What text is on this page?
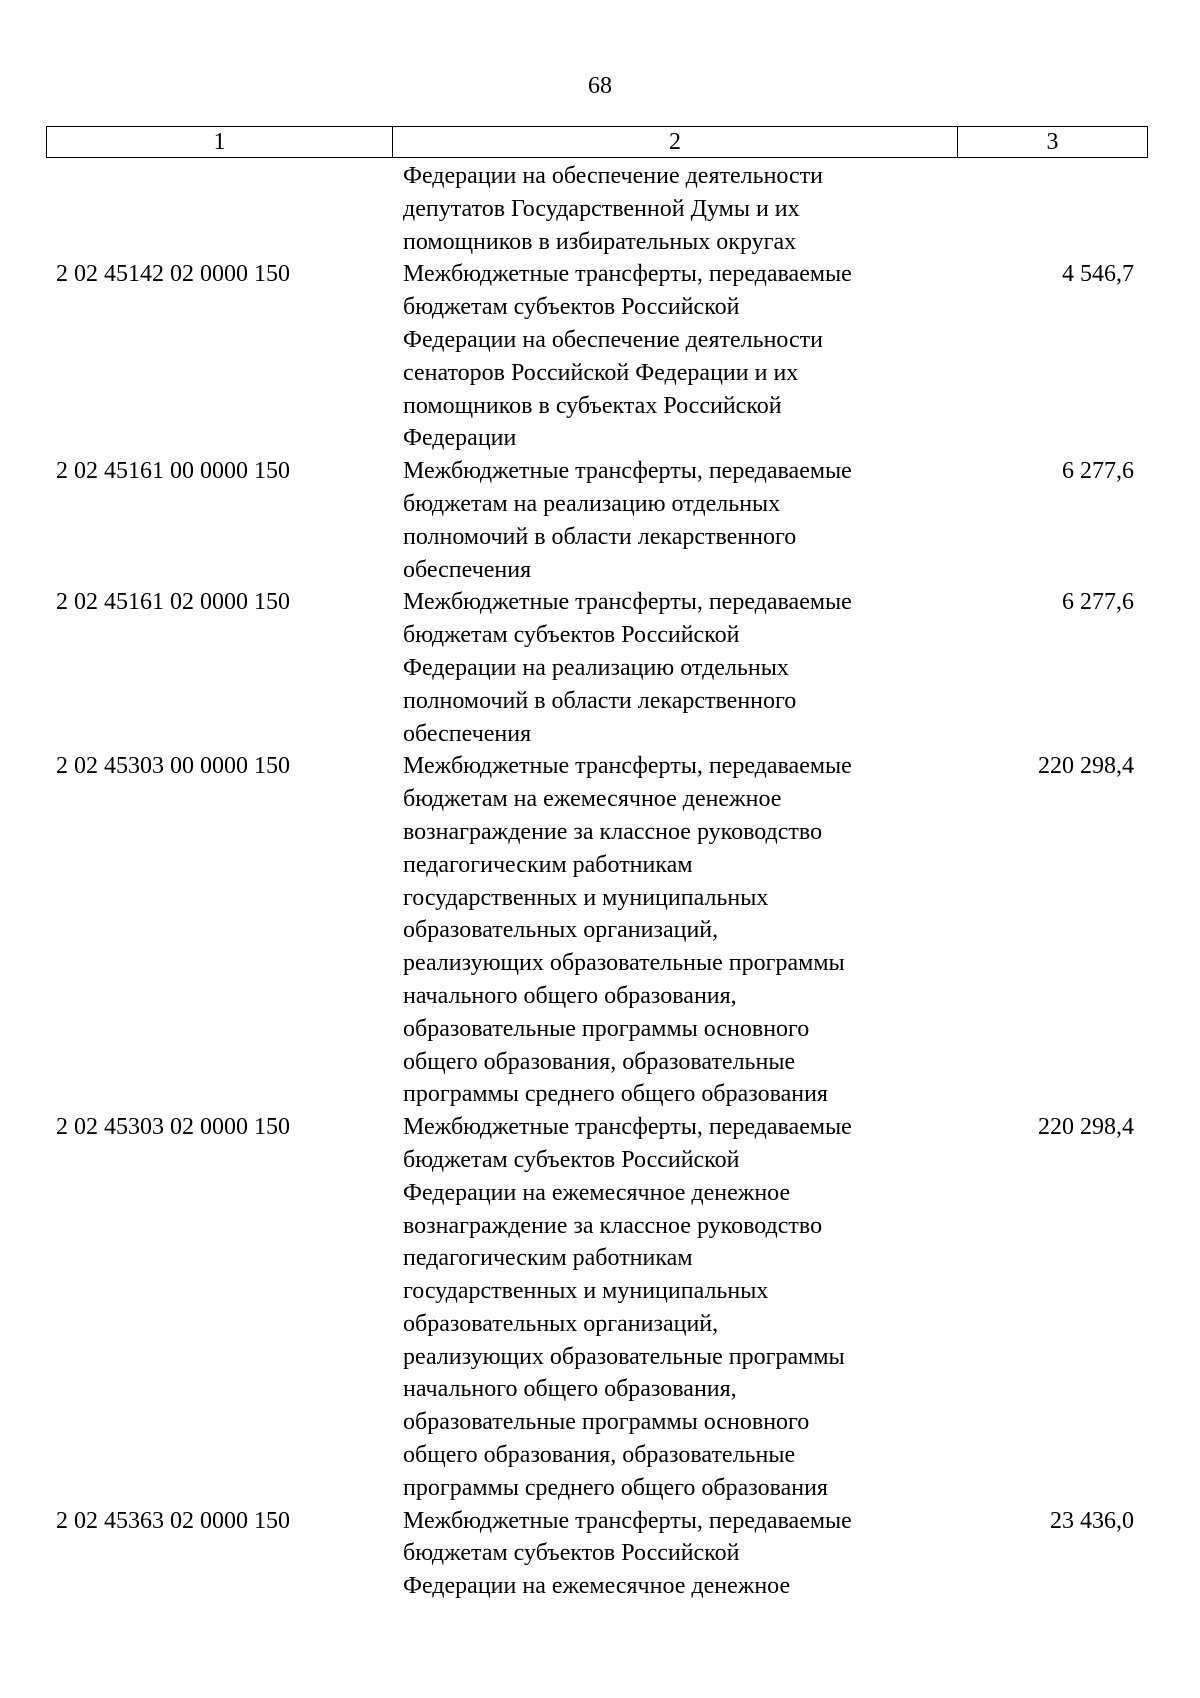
68
1	2	3
Федерации на обеспечение деятельности
депутатов Государственной Думы и их
помощников в избирательных округах
2 02 45142 02 0000 150	Межбюджетные трансферты, передаваемые
бюджетам субъектов Российской
Федерации на обеспечение деятельности
сенаторов Российской Федерации и их
помощников в субъектах Российской
Федерации
4 546,7
2 02 45161 00 0000 150	Межбюджетные трансферты, передаваемые
бюджетам на реализацию отдельных
полномочий в области лекарственного
обеспечения
6 277,6
2 02 45161 02 0000 150	Межбюджетные трансферты, передаваемые
бюджетам субъектов Российской
Федерации на реализацию отдельных
полномочий в области лекарственного
обеспечения
6 277,6
2 02 45303 00 0000 150	Межбюджетные трансферты, передаваемые
бюджетам на ежемесячное денежное
вознаграждение за классное руководство
педагогическим работникам
государственных и муниципальных
образовательных организаций,
реализующих образовательные программы
начального общего образования,
образовательные программы основного
общего образования, образовательные
программы среднего общего образования
220 298,4
2 02 45303 02 0000 150	Межбюджетные трансферты, передаваемые
бюджетам субъектов Российской
Федерации на ежемесячное денежное
вознаграждение за классное руководство
педагогическим работникам
государственных и муниципальных
образовательных организаций,
реализующих образовательные программы
начального общего образования,
образовательные программы основного
общего образования, образовательные
программы среднего общего образования
220 298,4
2 02 45363 02 0000 150	Межбюджетные трансферты, передаваемые
бюджетам субъектов Российской
Федерации на ежемесячное денежное
23 436,0
